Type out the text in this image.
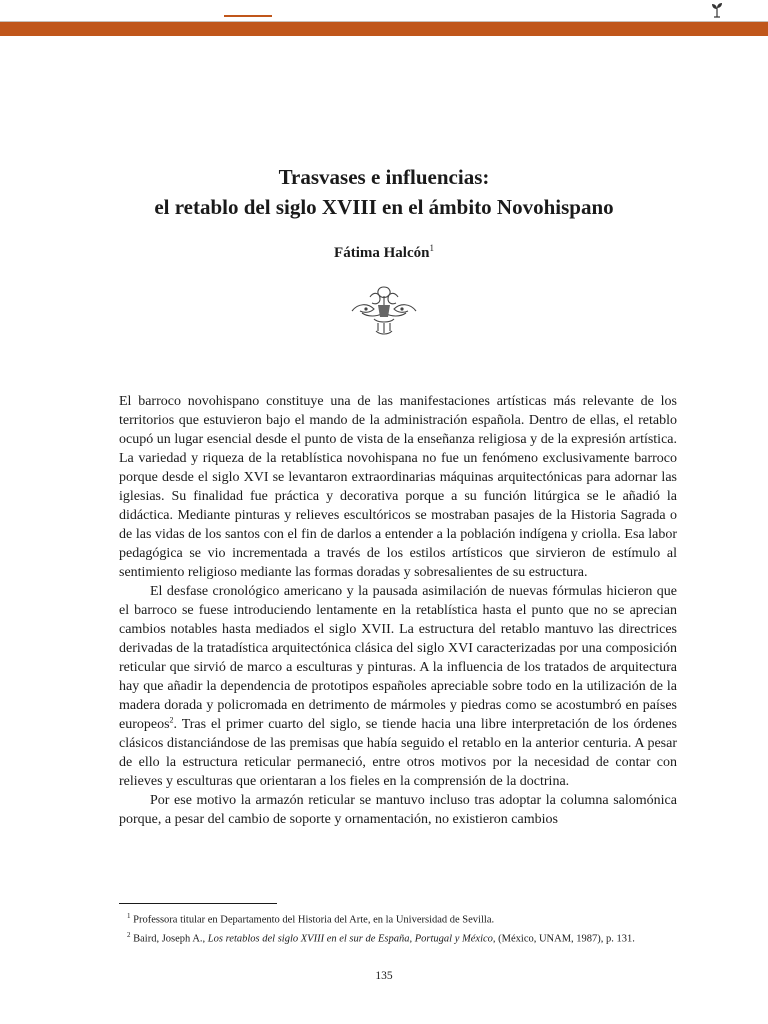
Trasvases e influencias:
el retablo del siglo XVIII en el ámbito Novohispano
Fátima Halcón$^1$

El barroco novohispano constituye una de las manifestaciones artísticas más relevante de los territorios que estuvieron bajo el mando de la administración española. Dentro de ellas, el retablo ocupó un lugar esencial desde el punto de vista de la enseñanza religiosa y de la expresión artística. La variedad y riqueza de la retablística novohispana no fue un fenómeno exclusivamente barroco porque desde el siglo XVI se levantaron extraordinarias máquinas arquitectónicas para adornar las iglesias. Su finalidad fue práctica y decorativa porque a su función litúrgica se le añadió la didáctica. Mediante pinturas y relieves escultóricos se mostraban pasajes de la Historia Sagrada o de las vidas de los santos con el fin de darlos a entender a la población indígena y criolla. Esa labor pedagógica se vio incrementada a través de los estilos artísticos que sirvieron de estímulo al sentimiento religioso mediante las formas doradas y sobresalientes de su estructura.

El desfase cronológico americano y la pausada asimilación de nuevas fórmulas hicieron que el barroco se fuese introduciendo lentamente en la retablística hasta el punto que no se aprecian cambios notables hasta mediados el siglo XVII. La estructura del retablo mantuvo las directrices derivadas de la tratadística arquitectónica clásica del siglo XVI caracterizadas por una composición reticular que sirvió de marco a esculturas y pinturas. A la influencia de los tratados de arquitectura hay que añadir la dependencia de prototipos españoles apreciable sobre todo en la utilización de la madera dorada y policromada en detrimento de mármoles y piedras como se acostumbró en países europeos$^2$. Tras el primer cuarto del siglo, se tiende hacia una libre interpretación de los órdenes clásicos distanciándose de las premisas que había seguido el retablo en la anterior centuria. A pesar de ello la estructura reticular permaneció, entre otros motivos por la necesidad de contar con relieves y esculturas que orientaran a los fieles en la comprensión de la doctrina.

Por ese motivo la armazón reticular se mantuvo incluso tras adoptar la columna salomónica porque, a pesar del cambio de soporte y ornamentación, no existieron cambios

$^1$ Professora titular en Departamento del Historia del Arte, en la Universidad de Sevilla.
$^2$ Baird, Joseph A., Los retablos del siglo XVIII en el sur de España, Portugal y México, (México, UNAM, 1987), p. 131.
135
